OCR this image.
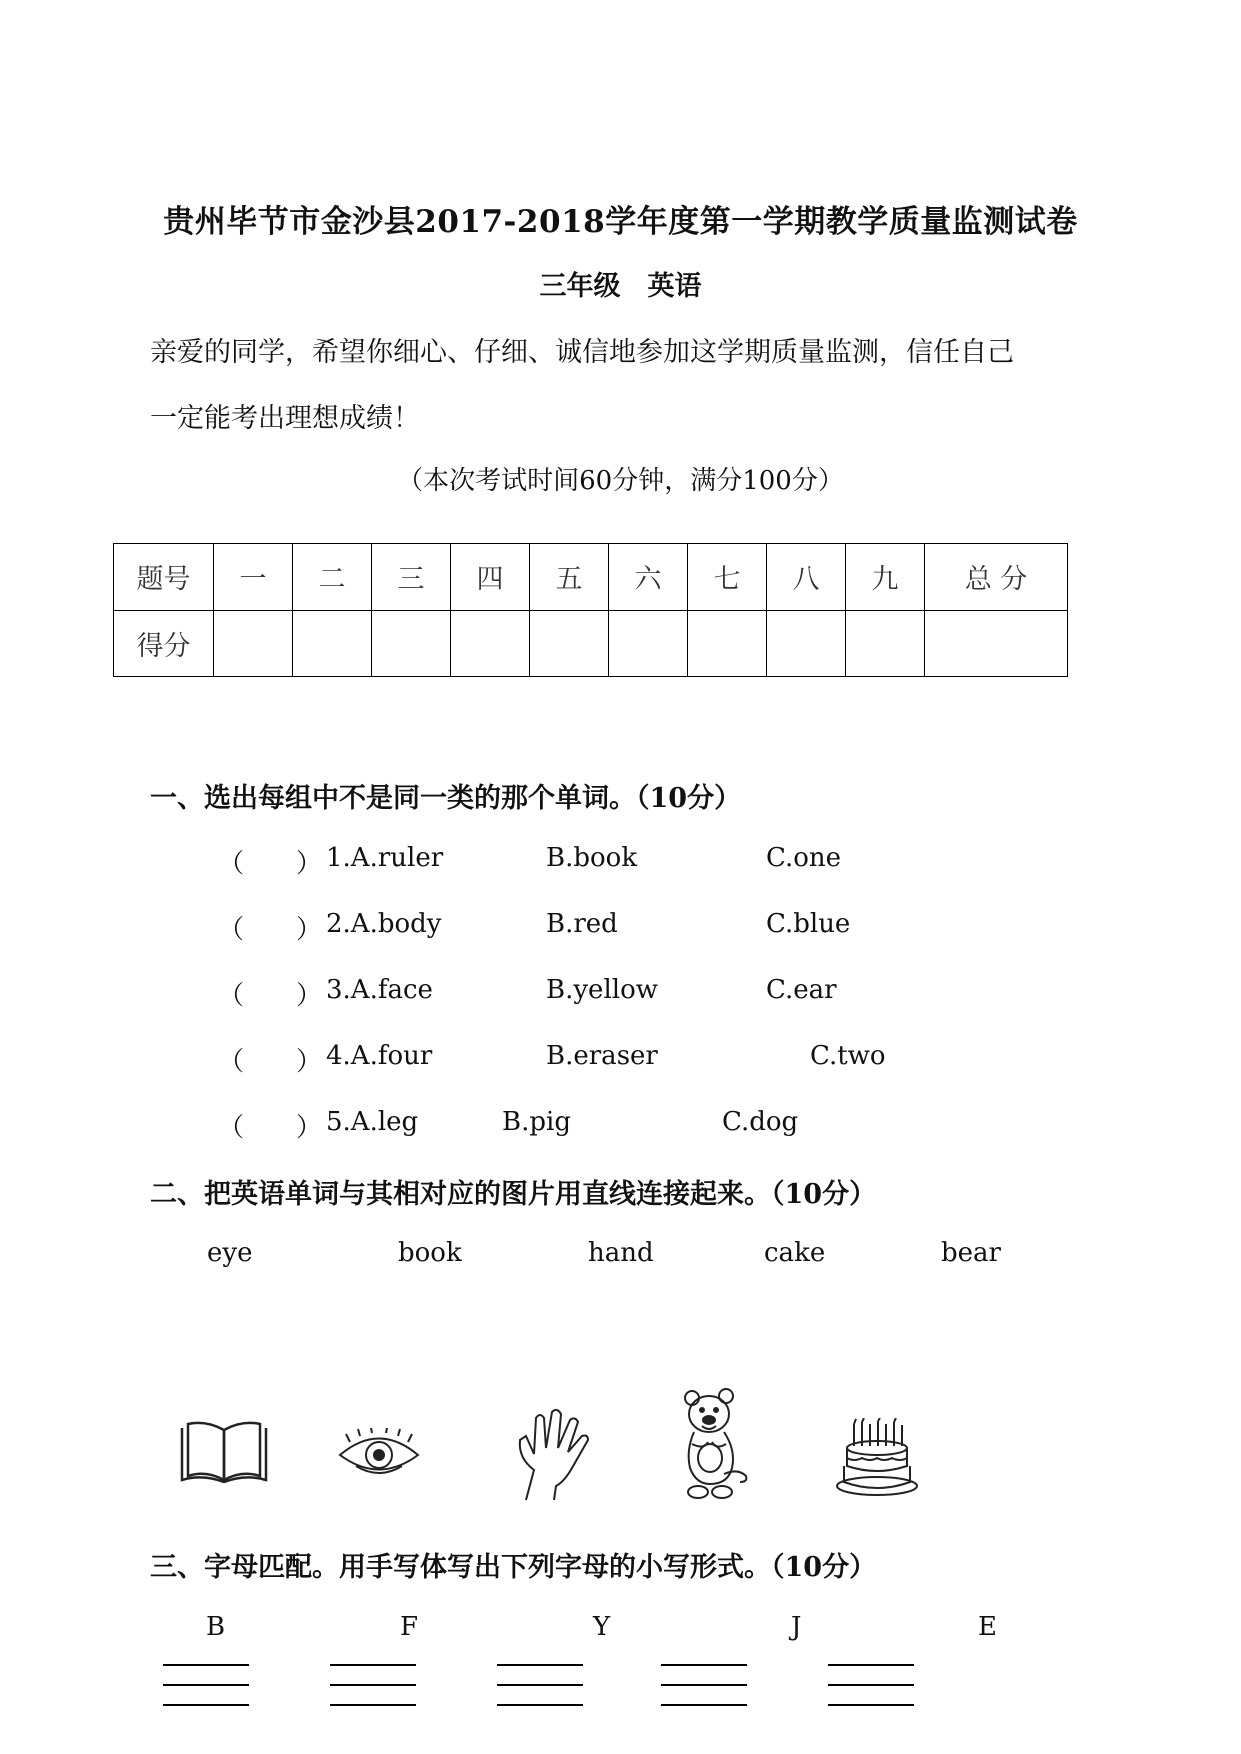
贵州毕节市金沙县2017-2018学年度第一学期教学质量监测试卷
三年级　英语
亲爱的同学，希望你细心、仔细、诚信地参加这学期质量监测，信任自己
一定能考出理想成绩！
（本次考试时间60分钟，满分100分）
题号	一	二	三	四	五	六	七	八	九	总 分
得分										
一、选出每组中不是同一类的那个单词。（10分）
（　　） 1.A.ruler	B.book	C.one
（　　） 2.A.body	B.red	C.blue
（　　） 3.A.face	B.yellow	C.ear
（　　） 4.A.four	B.eraser	C.two
（　　） 5.A.leg	B.pig	C.dog
二、把英语单词与其相对应的图片用直线连接起来。（10分）
eye	book	hand	cake	bear
三、字母匹配。用手写体写出下列字母的小写形式。（10分）
B	F	Y	J	E
